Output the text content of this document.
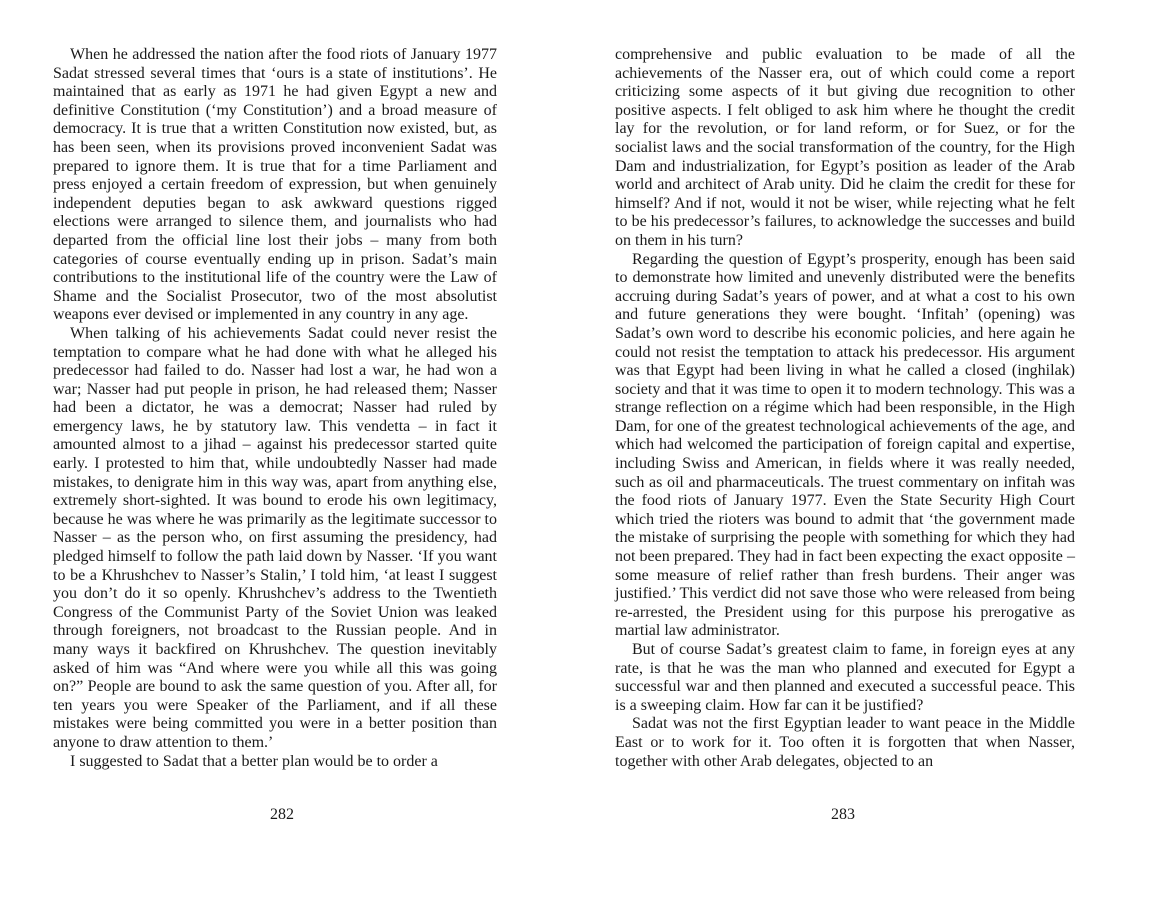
When he addressed the nation after the food riots of January 1977 Sadat stressed several times that ‘ours is a state of institutions’. He maintained that as early as 1971 he had given Egypt a new and definitive Constitution (‘my Constitution’) and a broad measure of democracy. It is true that a written Constitution now existed, but, as has been seen, when its provisions proved inconvenient Sadat was prepared to ignore them. It is true that for a time Parliament and press enjoyed a certain freedom of expression, but when genuinely independent deputies began to ask awkward questions rigged elections were arranged to silence them, and journalists who had departed from the official line lost their jobs – many from both categories of course eventually ending up in prison. Sadat’s main contributions to the institutional life of the country were the Law of Shame and the Socialist Prosecutor, two of the most absolutist weapons ever devised or implemented in any country in any age.

When talking of his achievements Sadat could never resist the temptation to compare what he had done with what he alleged his predecessor had failed to do. Nasser had lost a war, he had won a war; Nasser had put people in prison, he had released them; Nasser had been a dictator, he was a democrat; Nasser had ruled by emergency laws, he by statutory law. This vendetta – in fact it amounted almost to a jihad – against his predecessor started quite early. I protested to him that, while undoubtedly Nasser had made mistakes, to denigrate him in this way was, apart from anything else, extremely short-sighted. It was bound to erode his own legitimacy, because he was where he was primarily as the legitimate successor to Nasser – as the person who, on first assuming the presidency, had pledged himself to follow the path laid down by Nasser. ‘If you want to be a Khrushchev to Nasser’s Stalin,’ I told him, ‘at least I suggest you don’t do it so openly. Khrushchev’s address to the Twentieth Congress of the Communist Party of the Soviet Union was leaked through foreigners, not broadcast to the Russian people. And in many ways it backfired on Khrushchev. The question inevitably asked of him was “And where were you while all this was going on?” People are bound to ask the same question of you. After all, for ten years you were Speaker of the Parliament, and if all these mistakes were being committed you were in a better position than anyone to draw attention to them.’

I suggested to Sadat that a better plan would be to order a

282

comprehensive and public evaluation to be made of all the achievements of the Nasser era, out of which could come a report criticizing some aspects of it but giving due recognition to other positive aspects. I felt obliged to ask him where he thought the credit lay for the revolution, or for land reform, or for Suez, or for the socialist laws and the social transformation of the country, for the High Dam and industrialization, for Egypt’s position as leader of the Arab world and architect of Arab unity. Did he claim the credit for these for himself? And if not, would it not be wiser, while rejecting what he felt to be his predecessor’s failures, to acknowledge the successes and build on them in his turn?

Regarding the question of Egypt’s prosperity, enough has been said to demonstrate how limited and unevenly distributed were the benefits accruing during Sadat’s years of power, and at what a cost to his own and future generations they were bought. ‘Infitah’ (opening) was Sadat’s own word to describe his economic policies, and here again he could not resist the temptation to attack his predecessor. His argument was that Egypt had been living in what he called a closed (inghilak) society and that it was time to open it to modern technology. This was a strange reflection on a régime which had been responsible, in the High Dam, for one of the greatest technological achievements of the age, and which had welcomed the participation of foreign capital and expertise, including Swiss and American, in fields where it was really needed, such as oil and pharmaceuticals. The truest commentary on infitah was the food riots of January 1977. Even the State Security High Court which tried the rioters was bound to admit that ‘the government made the mistake of surprising the people with something for which they had not been prepared. They had in fact been expecting the exact opposite – some measure of relief rather than fresh burdens. Their anger was justified.’ This verdict did not save those who were released from being re-arrested, the President using for this purpose his prerogative as martial law administrator.

But of course Sadat’s greatest claim to fame, in foreign eyes at any rate, is that he was the man who planned and executed for Egypt a successful war and then planned and executed a successful peace. This is a sweeping claim. How far can it be justified?

Sadat was not the first Egyptian leader to want peace in the Middle East or to work for it. Too often it is forgotten that when Nasser, together with other Arab delegates, objected to an

283
